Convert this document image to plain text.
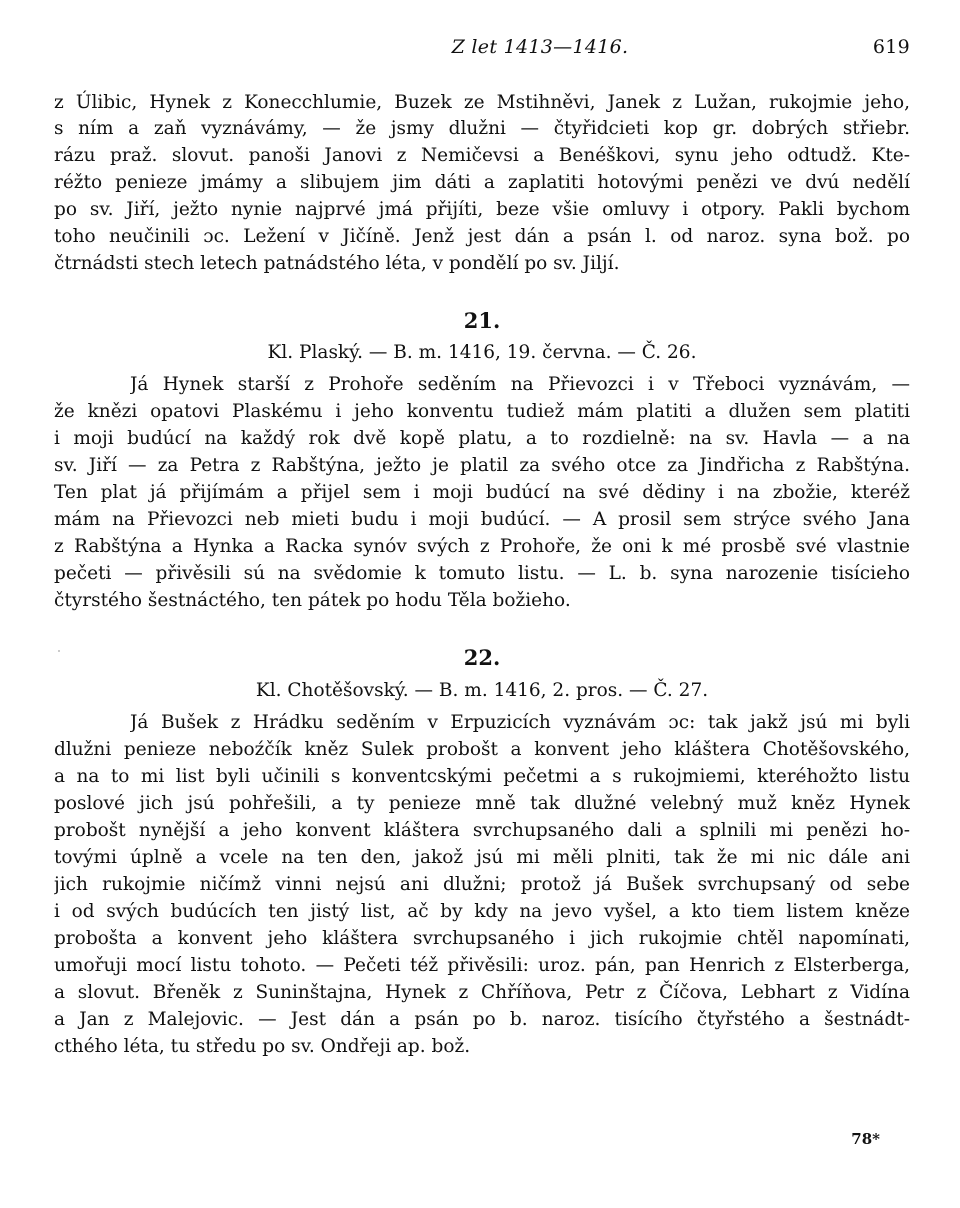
Z let 1413—1416.	619
z Úlibic, Hynek z Konecchlumie, Buzek ze Mstihněvi, Janek z Lužan, rukojmie jeho,
s ním a zaň vyznávámy, — že jsmy dlužni — čtyřidcieti kop gr. dobrých střiebr.
rázu praž. slovut. panoši Janovi z Nemičevsi a Benéškovi, synu jeho odtudž. Kte-
réžto penieze jmámy a slibujem jim dáti a zaplatiti hotovými penězi ve dvú nedělí
po sv. Jiří, ježto nynie najprvé jmá přijíti, beze všie omluvy i otpory. Pakli bychom
toho neučinili ɔc. Ležení v Jičíně. Jenž jest dán a psán l. od naroz. syna bož. po
čtrnádsti stech letech patnádstého léta, v pondělí po sv. Jiljí.
21.
Kl. Plaský. — B. m. 1416, 19. června. — Č. 26.
Já Hynek starší z Prohoře seděním na Přievozci i v Třeboci vyznávám, —
že knězi opatovi Plaskému i jeho konventu tudiež mám platiti a dlužen sem platiti
i moji budúcí na každý rok dvě kopě platu, a to rozdielně: na sv. Havla — a na
sv. Jiří — za Petra z Rabštýna, ježto je platil za svého otce za Jindřicha z Rabštýna.
Ten plat já přijímám a přijel sem i moji budúcí na své dědiny i na zbožie, kteréž
mám na Přievozci neb mieti budu i moji budúcí. — A prosil sem strýce svého Jana
z Rabštýna a Hynka a Racka synóv svých z Prohoře, že oni k mé prosbě své vlastnie
pečeti — přivěsili sú na svědomie k tomuto listu. — L. b. syna narozenie tisícieho
čtyrstého šestnáctého, ten pátek po hodu Těla božieho.
22.
Kl. Chotěšovský. — B. m. 1416, 2. pros. — Č. 27.
Já Bušek z Hrádku seděním v Erpuzicích vyznávám ɔc: tak jakž jsú mi byli
dlužni penieze neboźčík kněz Sulek probošt a konvent jeho kláštera Chotěšovského,
a na to mi list byli učinili s konventcskými pečetmi a s rukojmiemi, kteréhožto listu
poslové jich jsú pohřešili, a ty penieze mně tak dlužné velebný muž kněz Hynek
probošt nynější a jeho konvent kláštera svrchupsaného dali a splnili mi penězi ho-
tovými úplně a vcele na ten den, jakož jsú mi měli plniti, tak že mi nic dále ani
jich rukojmie ničímž vinni nejsú ani dlužni; protož já Bušek svrchupsaný od sebe
i od svých budúcích ten jistý list, ač by kdy na jevo vyšel, a kto tiem listem kněze
probošta a konvent jeho kláštera svrchupsaného i jich rukojmie chtěl napomínati,
umořuji mocí listu tohoto. — Pečeti též přivěsili: uroz. pán, pan Henrich z Elsterberga,
a slovut. Břeněk z Suninštajna, Hynek z Chříňova, Petr z Číčova, Lebhart z Vidína
a Jan z Malejovic. — Jest dán a psán po b. naroz. tisícího čtyřstého a šestnádt-
cthého léta, tu středu po sv. Ondřeji ap. bož.
78*
